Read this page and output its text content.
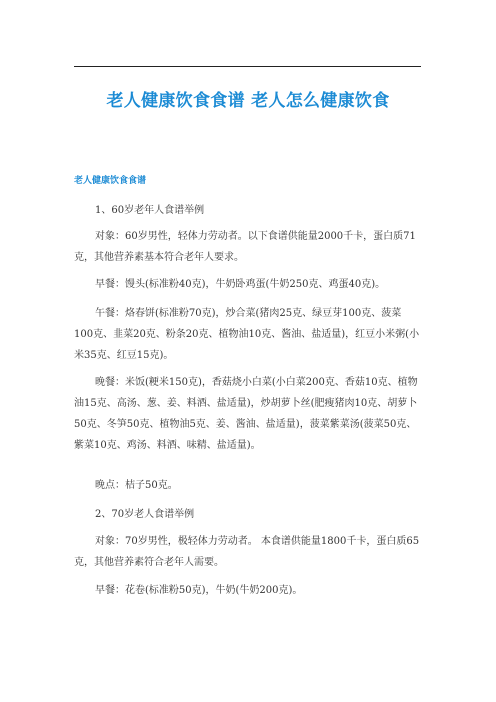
老人健康饮食食谱 老人怎么健康饮食
老人健康饮食食谱

1、60岁老年人食谱举例

对象：60岁男性，轻体力劳动者。以下食谱供能量2000千卡，蛋白质71克，其他营养素基本符合老年人要求。

早餐：馒头(标准粉40克)，牛奶卧鸡蛋(牛奶250克、鸡蛋40克)。

午餐：烙春饼(标准粉70克)，炒合菜(猪肉25克、绿豆芽100克、菠菜100克、韭菜20克、粉条20克、植物油10克、酱油、盐适量)，红豆小米粥(小米35克、红豆15克)。

晚餐：米饭(粳米150克)，香菇烧小白菜(小白菜200克、香菇10克、植物油15克、高汤、葱、姜、料酒、盐适量)，炒胡萝卜丝(肥瘦猪肉10克、胡萝卜50克、冬笋50克、植物油5克、姜、酱油、盐适量)，菠菜紫菜汤(菠菜50克、紫菜10克、鸡汤、料酒、味精、盐适量)。

晚点：桔子50克。

2、70岁老人食谱举例

对象：70岁男性，极轻体力劳动者。 本食谱供能量1800千卡，蛋白质65克，其他营养素符合老年人需要。

早餐：花卷(标准粉50克)，牛奶(牛奶200克)。
